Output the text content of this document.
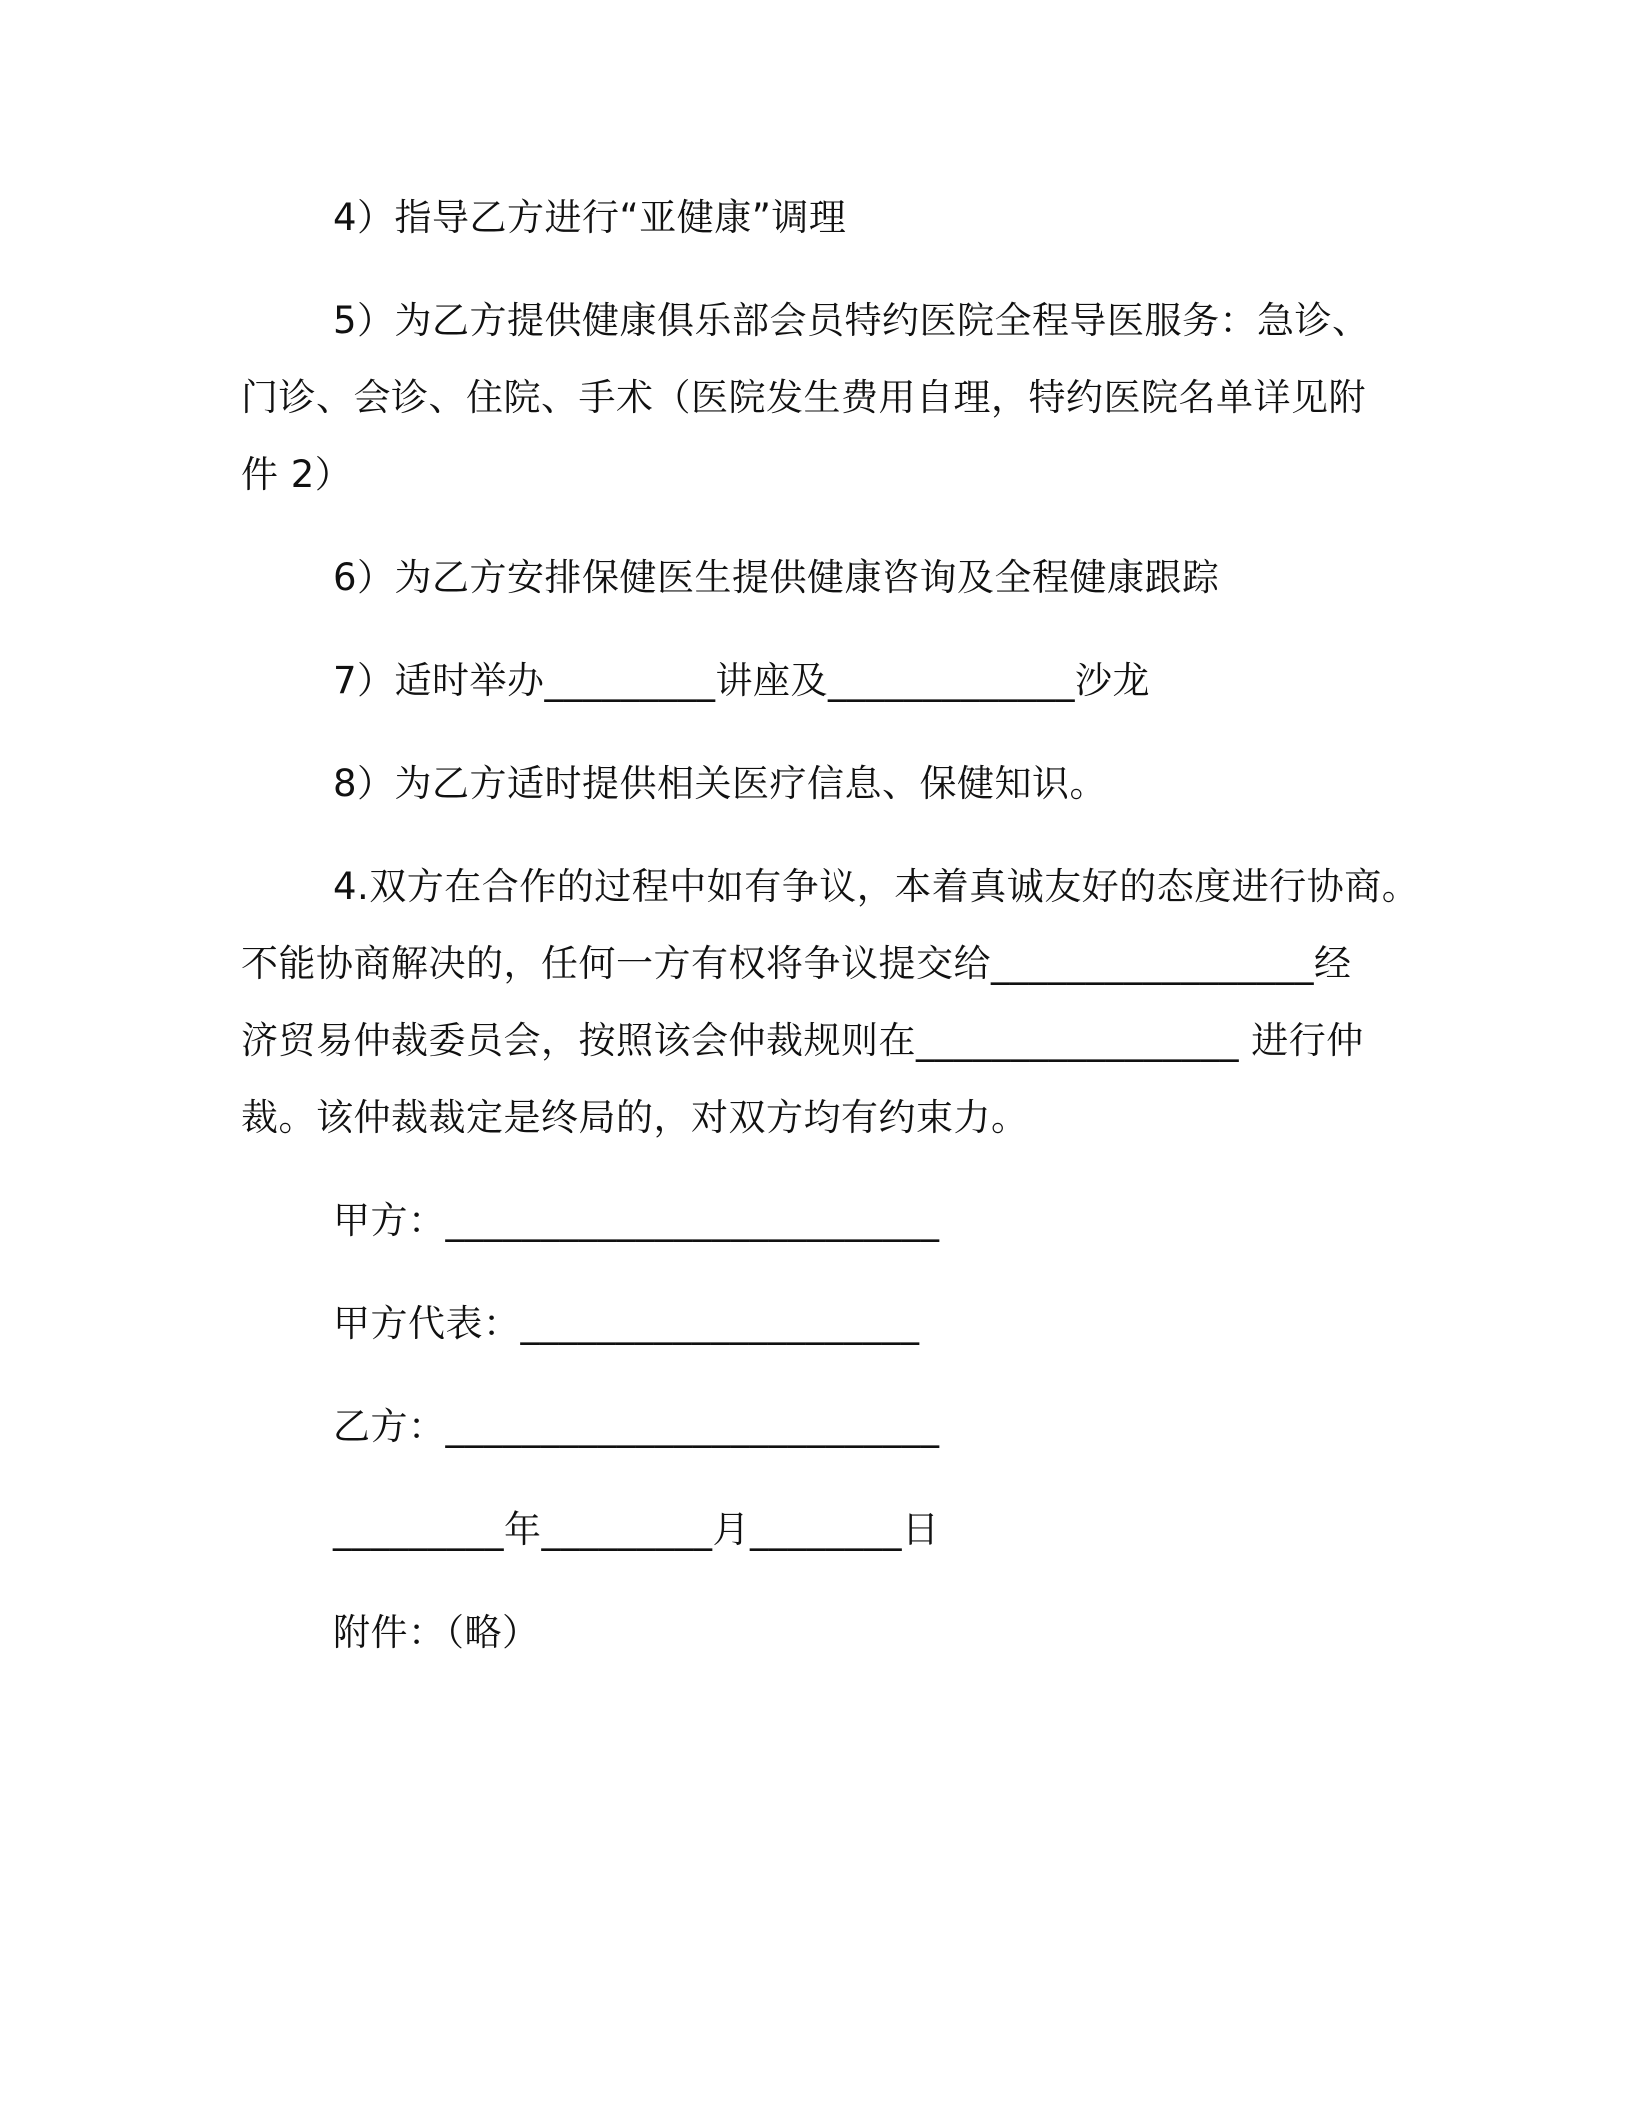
4）指导乙方进行“亚健康”调理
5）为乙方提供健康俱乐部会员特约医院全程导医服务：急诊、
门诊、会诊、住院、手术（医院发生费用自理，特约医院名单详见附
件 2）
6）为乙方安排保健医生提供健康咨询及全程健康跟踪
7）适时举办_________讲座及_____________沙龙
8）为乙方适时提供相关医疗信息、保健知识。
4.双方在合作的过程中如有争议，本着真诚友好的态度进行协商。
不能协商解决的，任何一方有权将争议提交给_________________经
济贸易仲裁委员会，按照该会仲裁规则在_________________ 进行仲
裁。该仲裁裁定是终局的，对双方均有约束力。
甲方：__________________________
甲方代表：_____________________
乙方：__________________________
_________年_________月________日
附件：（略）
